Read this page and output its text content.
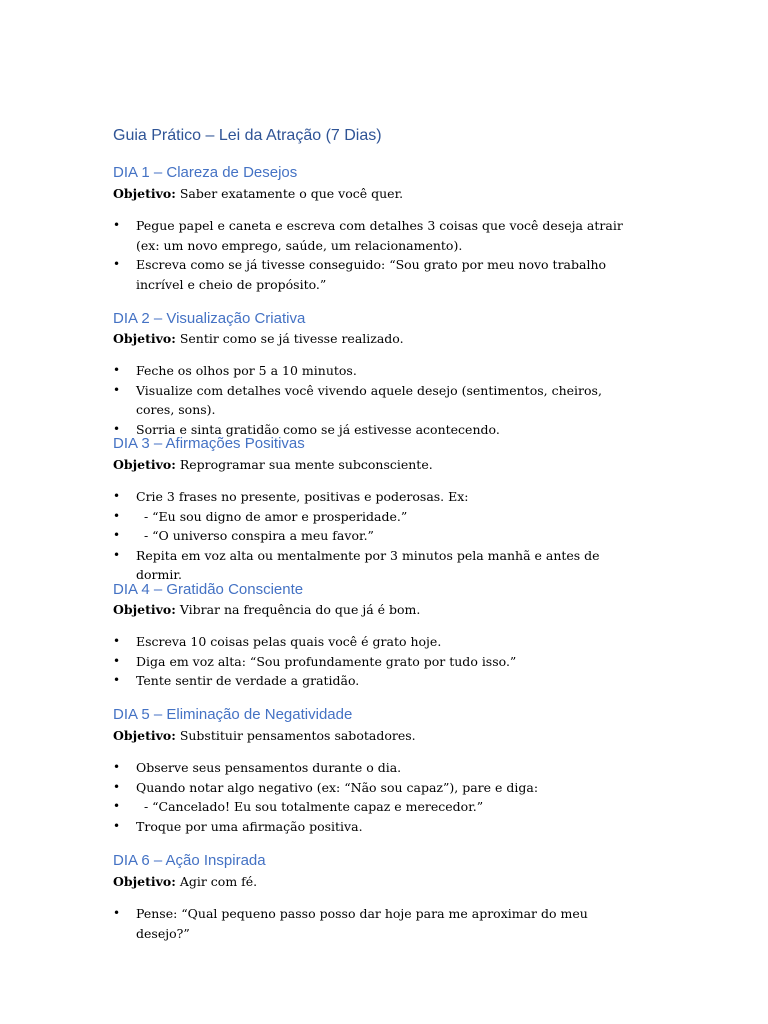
Guia Prático – Lei da Atração (7 Dias)
DIA 1 – Clareza de Desejos

Objetivo: Saber exatamente o que você quer.

• Pegue papel e caneta e escreva com detalhes 3 coisas que você deseja atrair (ex: um novo emprego, saúde, um relacionamento).
• Escreva como se já tivesse conseguido: “Sou grato por meu novo trabalho incrível e cheio de propósito.”
DIA 2 – Visualização Criativa

Objetivo: Sentir como se já tivesse realizado.

• Feche os olhos por 5 a 10 minutos.
• Visualize com detalhes você vivendo aquele desejo (sentimentos, cheiros, cores, sons).
• Sorria e sinta gratidão como se já estivesse acontecendo.
DIA 3 – Afirmações Positivas

Objetivo: Reprogramar sua mente subconsciente.

• Crie 3 frases no presente, positivas e poderosas. Ex:
• - “Eu sou digno de amor e prosperidade.”
• - “O universo conspira a meu favor.”
• Repita em voz alta ou mentalmente por 3 minutos pela manhã e antes de dormir.
DIA 4 – Gratidão Consciente

Objetivo: Vibrar na frequência do que já é bom.

• Escreva 10 coisas pelas quais você é grato hoje.
• Diga em voz alta: “Sou profundamente grato por tudo isso.”
• Tente sentir de verdade a gratidão.
DIA 5 – Eliminação de Negatividade

Objetivo: Substituir pensamentos sabotadores.

• Observe seus pensamentos durante o dia.
• Quando notar algo negativo (ex: “Não sou capaz”), pare e diga:
• - “Cancelado! Eu sou totalmente capaz e merecedor.”
• Troque por uma afirmação positiva.
DIA 6 – Ação Inspirada

Objetivo: Agir com fé.

• Pense: “Qual pequeno passo posso dar hoje para me aproximar do meu desejo?”
